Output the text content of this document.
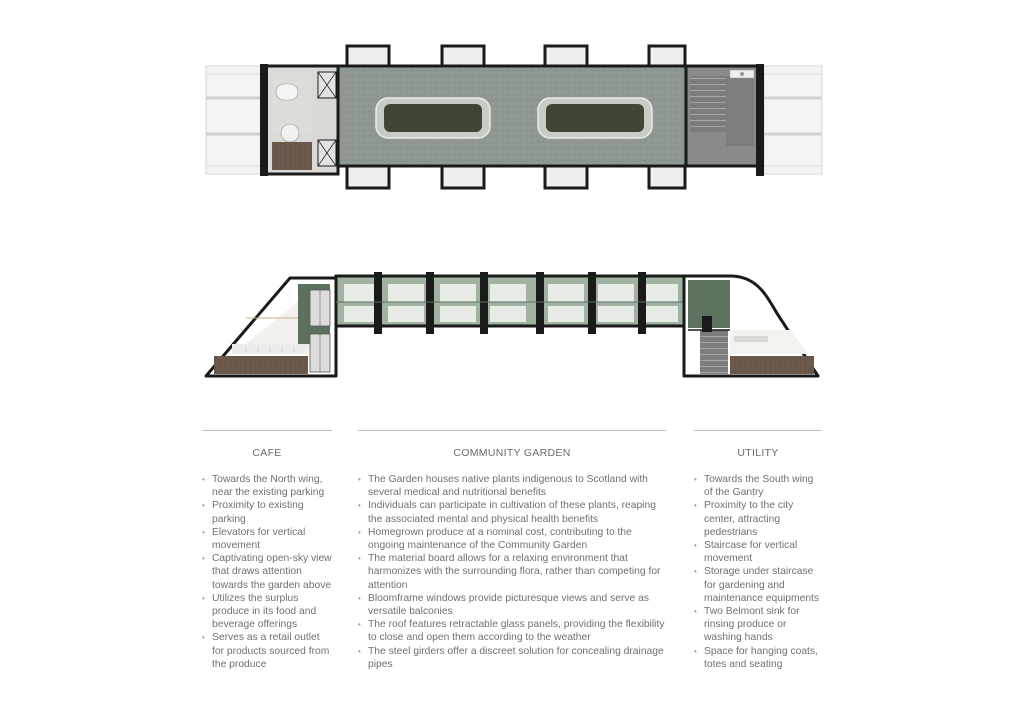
CAFE
• Towards the North wing, near the existing parking
• Proximity to existing parking
• Elevators for vertical movement
• Captivating open-sky view that draws attention towards the garden above
• Utilizes the surplus produce in its food and beverage offerings
• Serves as a retail outlet for products sourced from the produce
COMMUNITY GARDEN
• The Garden houses native plants indigenous to Scotland with several medical and nutritional benefits
• Individuals can participate in cultivation of these plants, reaping the associated mental and physical health benefits
• Homegrown produce at a nominal cost, contributing to the ongoing maintenance of the Community Garden
• The material board allows for a relaxing environment that harmonizes with the surrounding flora, rather than competing for attention
• Bloomframe windows provide picturesque views and serve as versatile balconies
• The roof features retractable glass panels, providing the flexibility to close and open them according to the weather
• The steel girders offer a discreet solution for concealing drainage pipes
UTILITY
• Towards the South wing of the Gantry
• Proximity to the city center, attracting pedestrians
• Staircase for vertical movement
• Storage under staircase for gardening and maintenance equipments
• Two Belmont sink for rinsing produce or washing hands
• Space for hanging coats, totes and seating
